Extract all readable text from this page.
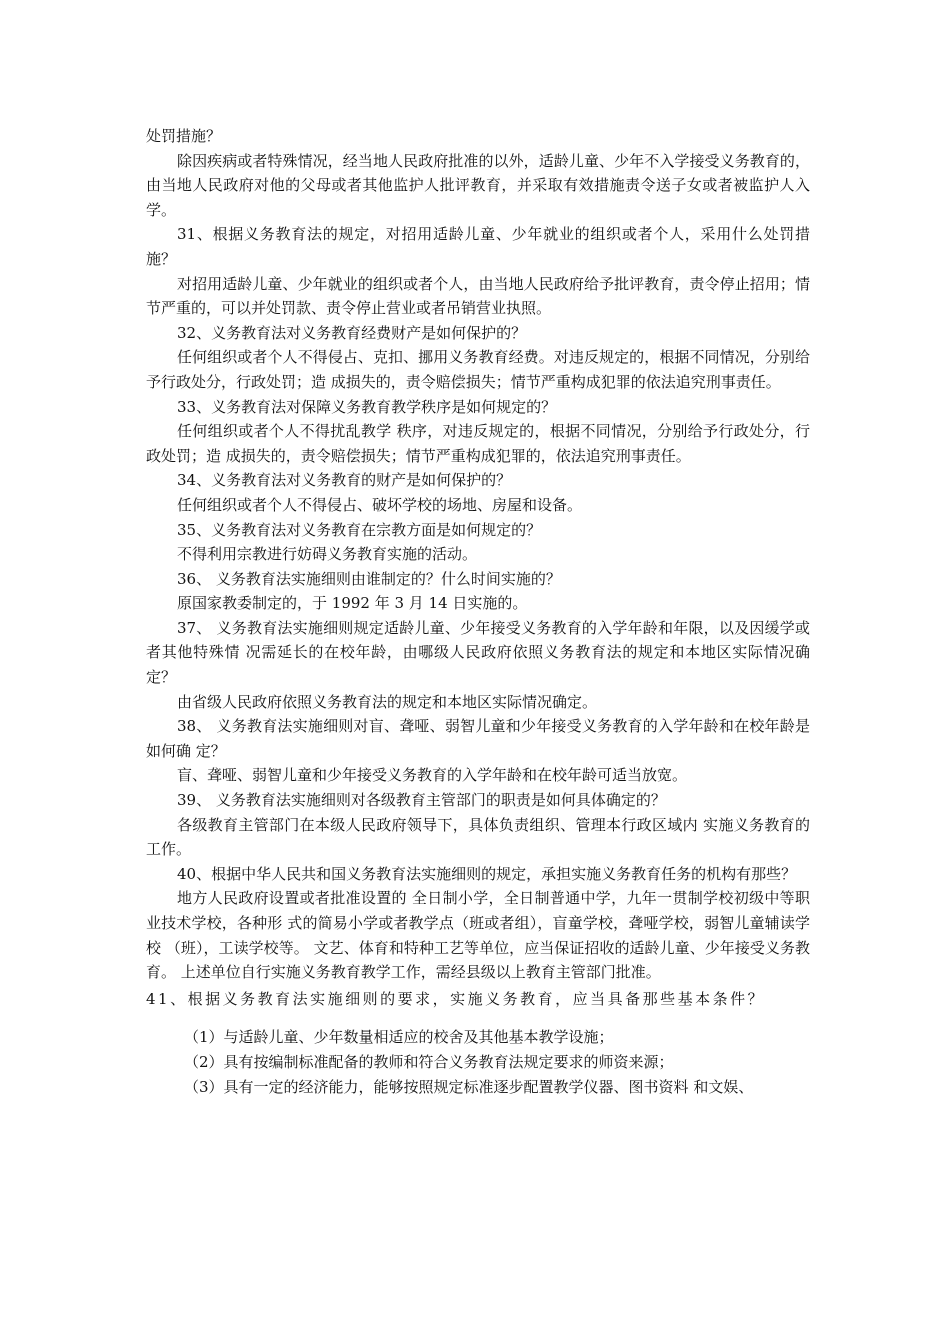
处罚措施？

除因疾病或者特殊情况，经当地人民政府批准的以外，适龄儿童、少年不入学接受义务教育的，由当地人民政府对他的父母或者其他监护人批评教育，并采取有效措施责令送子女或者被监护人入学。

31、根据义务教育法的规定，对招用适龄儿童、少年就业的组织或者个人，采用什么处罚措施？

对招用适龄儿童、少年就业的组织或者个人，由当地人民政府给予批评教育，责令停止招用；情节严重的，可以并处罚款、责令停止营业或者吊销营业执照。

32、义务教育法对义务教育经费财产是如何保护的？

任何组织或者个人不得侵占、克扣、挪用义务教育经费。对违反规定的，根据不同情况，分别给予行政处分，行政处罚；造 成损失的，责令赔偿损失；情节严重构成犯罪的依法追究刑事责任。

33、义务教育法对保障义务教育教学秩序是如何规定的？

任何组织或者个人不得扰乱教学 秩序，对违反规定的，根据不同情况，分别给予行政处分，行政处罚；造 成损失的，责令赔偿损失；情节严重构成犯罪的，依法追究刑事责任。

34、义务教育法对义务教育的财产是如何保护的？

任何组织或者个人不得侵占、破坏学校的场地、房屋和设备。

35、义务教育法对义务教育在宗教方面是如何规定的？

不得利用宗教进行妨碍义务教育实施的活动。

36、 义务教育法实施细则由谁制定的？什么时间实施的？

原国家教委制定的，于 1992 年 3 月 14 日实施的。

37、 义务教育法实施细则规定适龄儿童、少年接受义务教育的入学年龄和年限，以及因缓学或者其他特殊情 况需延长的在校年龄，由哪级人民政府依照义务教育法的规定和本地区实际情况确 定？

由省级人民政府依照义务教育法的规定和本地区实际情况确定。

38、 义务教育法实施细则对盲、聋哑、弱智儿童和少年接受义务教育的入学年龄和在校年龄是如何确 定？

盲、聋哑、弱智儿童和少年接受义务教育的入学年龄和在校年龄可适当放宽。

39、 义务教育法实施细则对各级教育主管部门的职责是如何具体确定的？

各级教育主管部门在本级人民政府领导下，具体负责组织、管理本行政区域内 实施义务教育的工作。

40、根据中华人民共和国义务教育法实施细则的规定，承担实施义务教育任务的机构有那些？

地方人民政府设置或者批准设置的 全日制小学，全日制普通中学，九年一贯制学校初级中等职业技术学校，各种形 式的简易小学或者教学点（班或者组），盲童学校，聋哑学校，弱智儿童辅读学校 （班），工读学校等。 文艺、体育和特种工艺等单位，应当保证招收的适龄儿童、少年接受义务教育。 上述单位自行实施义务教育教学工作，需经县级以上教育主管部门批准。

41、根据义务教育法实施细则的要求，实施义务教育，应当具备那些基本条件？

（1）与适龄儿童、少年数量相适应的校舍及其他基本教学设施；

（2）具有按编制标准配备的教师和符合义务教育法规定要求的师资来源；

（3）具有一定的经济能力，能够按照规定标准逐步配置教学仪器、图书资料 和文娱、
